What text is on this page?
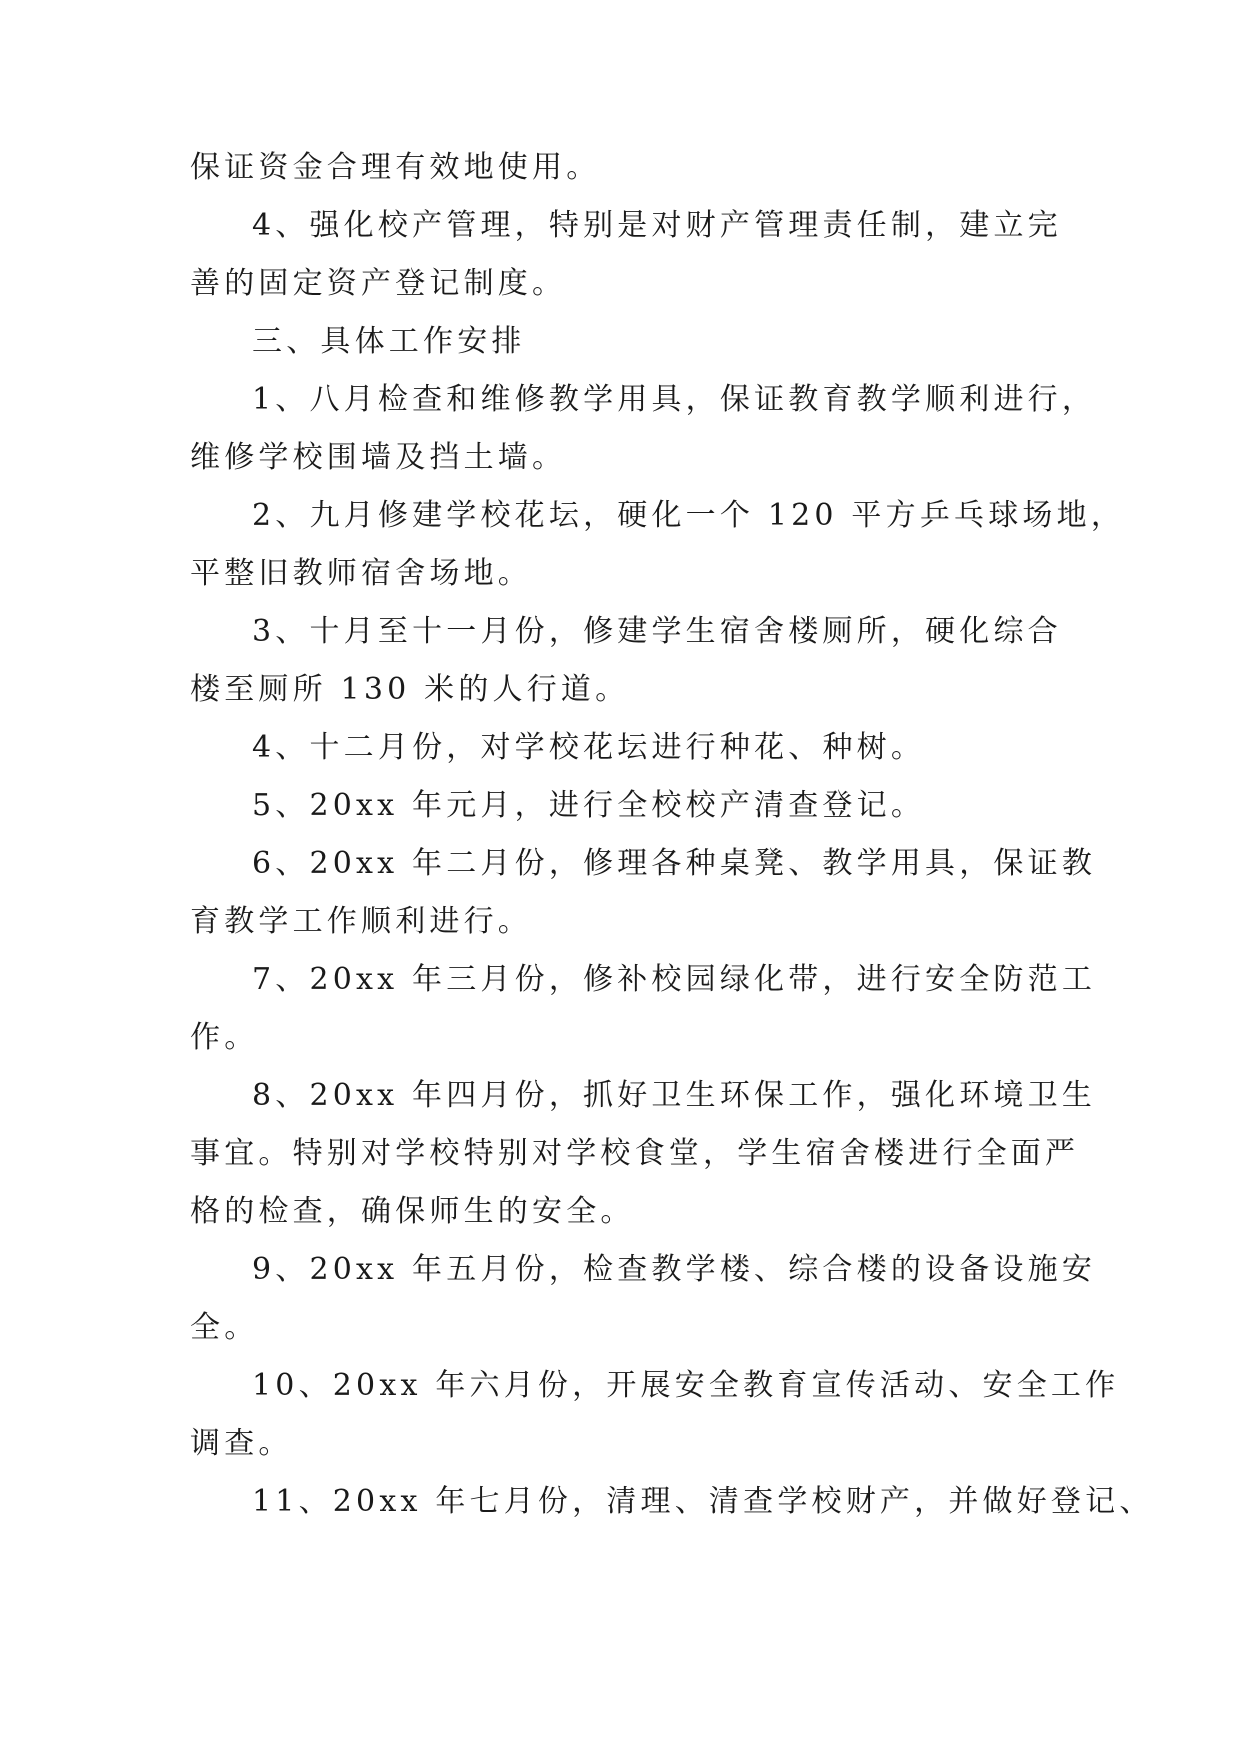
保证资金合理有效地使用。

4、强化校产管理，特别是对财产管理责任制，建立完

善的固定资产登记制度。

三、具体工作安排

1、八月检查和维修教学用具，保证教育教学顺利进行，

维修学校围墙及挡土墙。

2、九月修建学校花坛，硬化一个 120 平方乒乓球场地，

平整旧教师宿舍场地。

3、十月至十一月份，修建学生宿舍楼厕所，硬化综合

楼至厕所 130 米的人行道。

4、十二月份，对学校花坛进行种花、种树。

5、20xx 年元月，进行全校校产清查登记。

6、20xx 年二月份，修理各种桌凳、教学用具，保证教

育教学工作顺利进行。

7、20xx 年三月份，修补校园绿化带，进行安全防范工

作。

8、20xx 年四月份，抓好卫生环保工作，强化环境卫生

事宜。特别对学校特别对学校食堂，学生宿舍楼进行全面严

格的检查，确保师生的安全。

9、20xx 年五月份，检查教学楼、综合楼的设备设施安

全。

10、20xx 年六月份，开展安全教育宣传活动、安全工作

调查。

11、20xx 年七月份，清理、清查学校财产，并做好登记、
